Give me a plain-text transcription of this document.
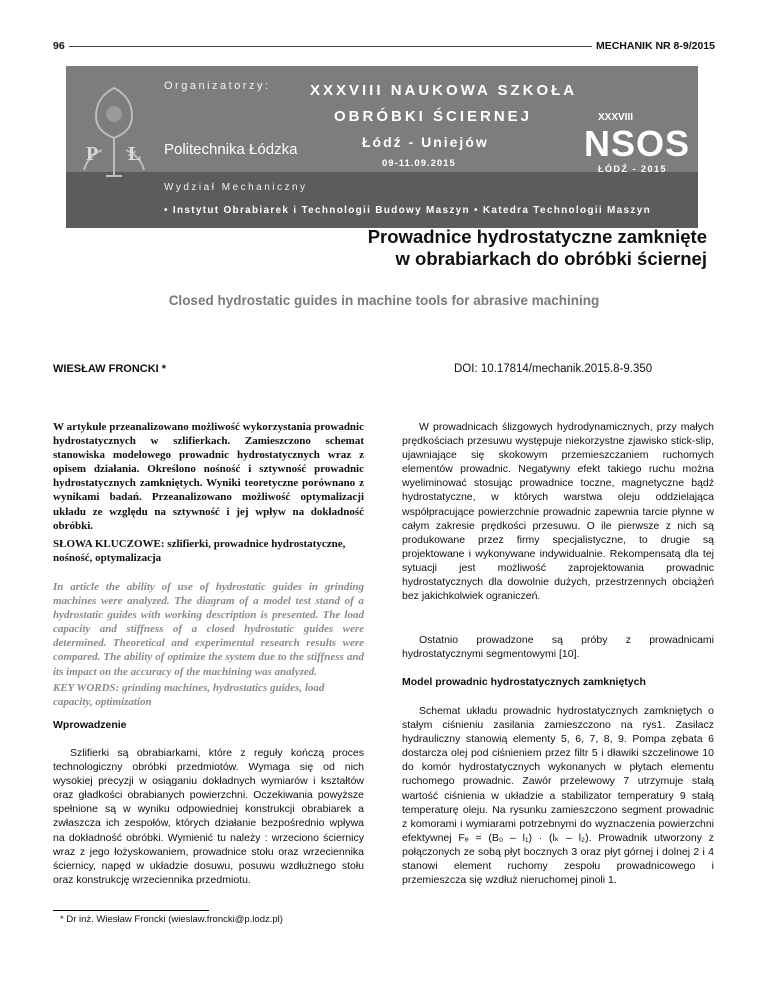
96	MECHANIK NR 8-9/2015
P Ł
Organizatorzy:
Politechnika Łódzka
XXXVIII NAUKOWA SZKOŁA
OBRÓBKI ŚCIERNEJ
Łódź - Uniejów
09-11.09.2015
XXXVIII
NSOS
ŁÓDŹ - 2015
Wydział Mechaniczny
• Instytut Obrabiarek i Technologii Budowy Maszyn • Katedra Technologii Maszyn
Prowadnice hydrostatyczne zamknięte
w obrabiarkach do obróbki ściernej
Closed hydrostatic guides in machine tools for abrasive machining
WIESŁAW FRONCKI *	DOI: 10.17814/mechanik.2015.8-9.350
W artykule przeanalizowano możliwość wykorzystania prowadnic hydrostatycznych w szlifierkach. Zamieszczono schemat stanowiska modelowego prowadnic hydrostatycznych wraz z opisem działania. Określono nośność i sztywność prowadnic hydrostatycznych zamkniętych. Wyniki teoretyczne porównano z wynikami badań. Przeanalizowano możliwość optymalizacji układu ze względu na sztywność i jej wpływ na dokładność obróbki.
SŁOWA KLUCZOWE: szlifierki, prowadnice hydrostatyczne, nośność, optymalizacja
In article the ability of use of hydrostatic guides in grinding machines were analyzed. The diagram of a model test stand of a hydrostatic guides with working description is presented. The load capacity and stiffness of a closed hydrostatic guides were determined. Theoretical and experimental research results were compared. The ability of optimize the system due to the stiffness and its impact on the accuracy of the machining was analyzed.
KEY WORDS: grinding machines, hydrostatics guides, load capacity, optimization
Wprowadzenie
Szlifierki są obrabiarkami, które z reguły kończą proces technologiczny obróbki przedmiotów. Wymaga się od nich wysokiej precyzji w osiąganiu dokładnych wymiarów i kształtów oraz gładkości obrabianych powierzchni. Oczekiwania powyższe spełnione są w wyniku odpowiedniej konstrukcji obrabiarek a zwłaszcza ich zespołów, których działanie bezpośrednio wpływa na dokładność obróbki. Wymienić tu należy : wrzeciono ściernicy wraz z jego łożyskowaniem, prowadnice stołu oraz wrzeciennika ściernicy, napęd w układzie dosuwu, posuwu wzdłużnego stołu oraz konstrukcję wrzeciennika przedmiotu.
* Dr inż. Wiesław Froncki (wieslaw.froncki@p.lodz.pl)
W prowadnicach ślizgowych hydrodynamicznych, przy małych prędkościach przesuwu występuje niekorzystne zjawisko stick-slip, ujawniające się skokowym przemieszczaniem ruchomych elementów prowadnic. Negatywny efekt takiego ruchu można wyeliminować stosując prowadnice toczne, magnetyczne bądź hydrostatyczne, w których warstwa oleju oddzielająca współpracujące powierzchnie prowadnic zapewnia tarcie płynne w całym zakresie prędkości przesuwu. O ile pierwsze z nich są produkowane przez firmy specjalistyczne, to drugie są projektowane i wykonywane indywidualnie. Rekompensatą dla tej sytuacji jest możliwość zaprojektowania prowadnic hydrostatycznych dla dowolnie dużych, przestrzennych obciążeń bez jakichkolwiek ograniczeń.
Ostatnio prowadzone są próby z prowadnicami hydrostatycznymi segmentowymi [10].
Model prowadnic hydrostatycznych zamkniętych
Schemat układu prowadnic hydrostatycznych zamkniętych o stałym ciśnieniu zasilania zamieszczono na rys1. Zasilacz hydrauliczny stanowią elementy 5, 6, 7, 8, 9. Pompa zębata 6 dostarcza olej pod ciśnieniem przez filtr 5 i dławiki szczelinowe 10 do komór hydrostatycznych wykonanych w płytach elementu ruchomego prowadnic. Zawór przelewowy 7 utrzymuje stałą wartość ciśnienia w układzie a stabilizator temperatury 9 stałą temperaturę oleju. Na rysunku zamieszczono segment prowadnic z komorami i wymiarami potrzebnymi do wyznaczenia powierzchni efektywnej Fₑ = (B₀ – l₁) · (lₖ – l₂). Prowadnik utworzony z połączonych ze sobą płyt bocznych 3 oraz płyt górnej i dolnej 2 i 4 stanowi element ruchomy zespołu prowadnicowego i przemieszcza się wzdłuż nieruchomej pinoli 1.
